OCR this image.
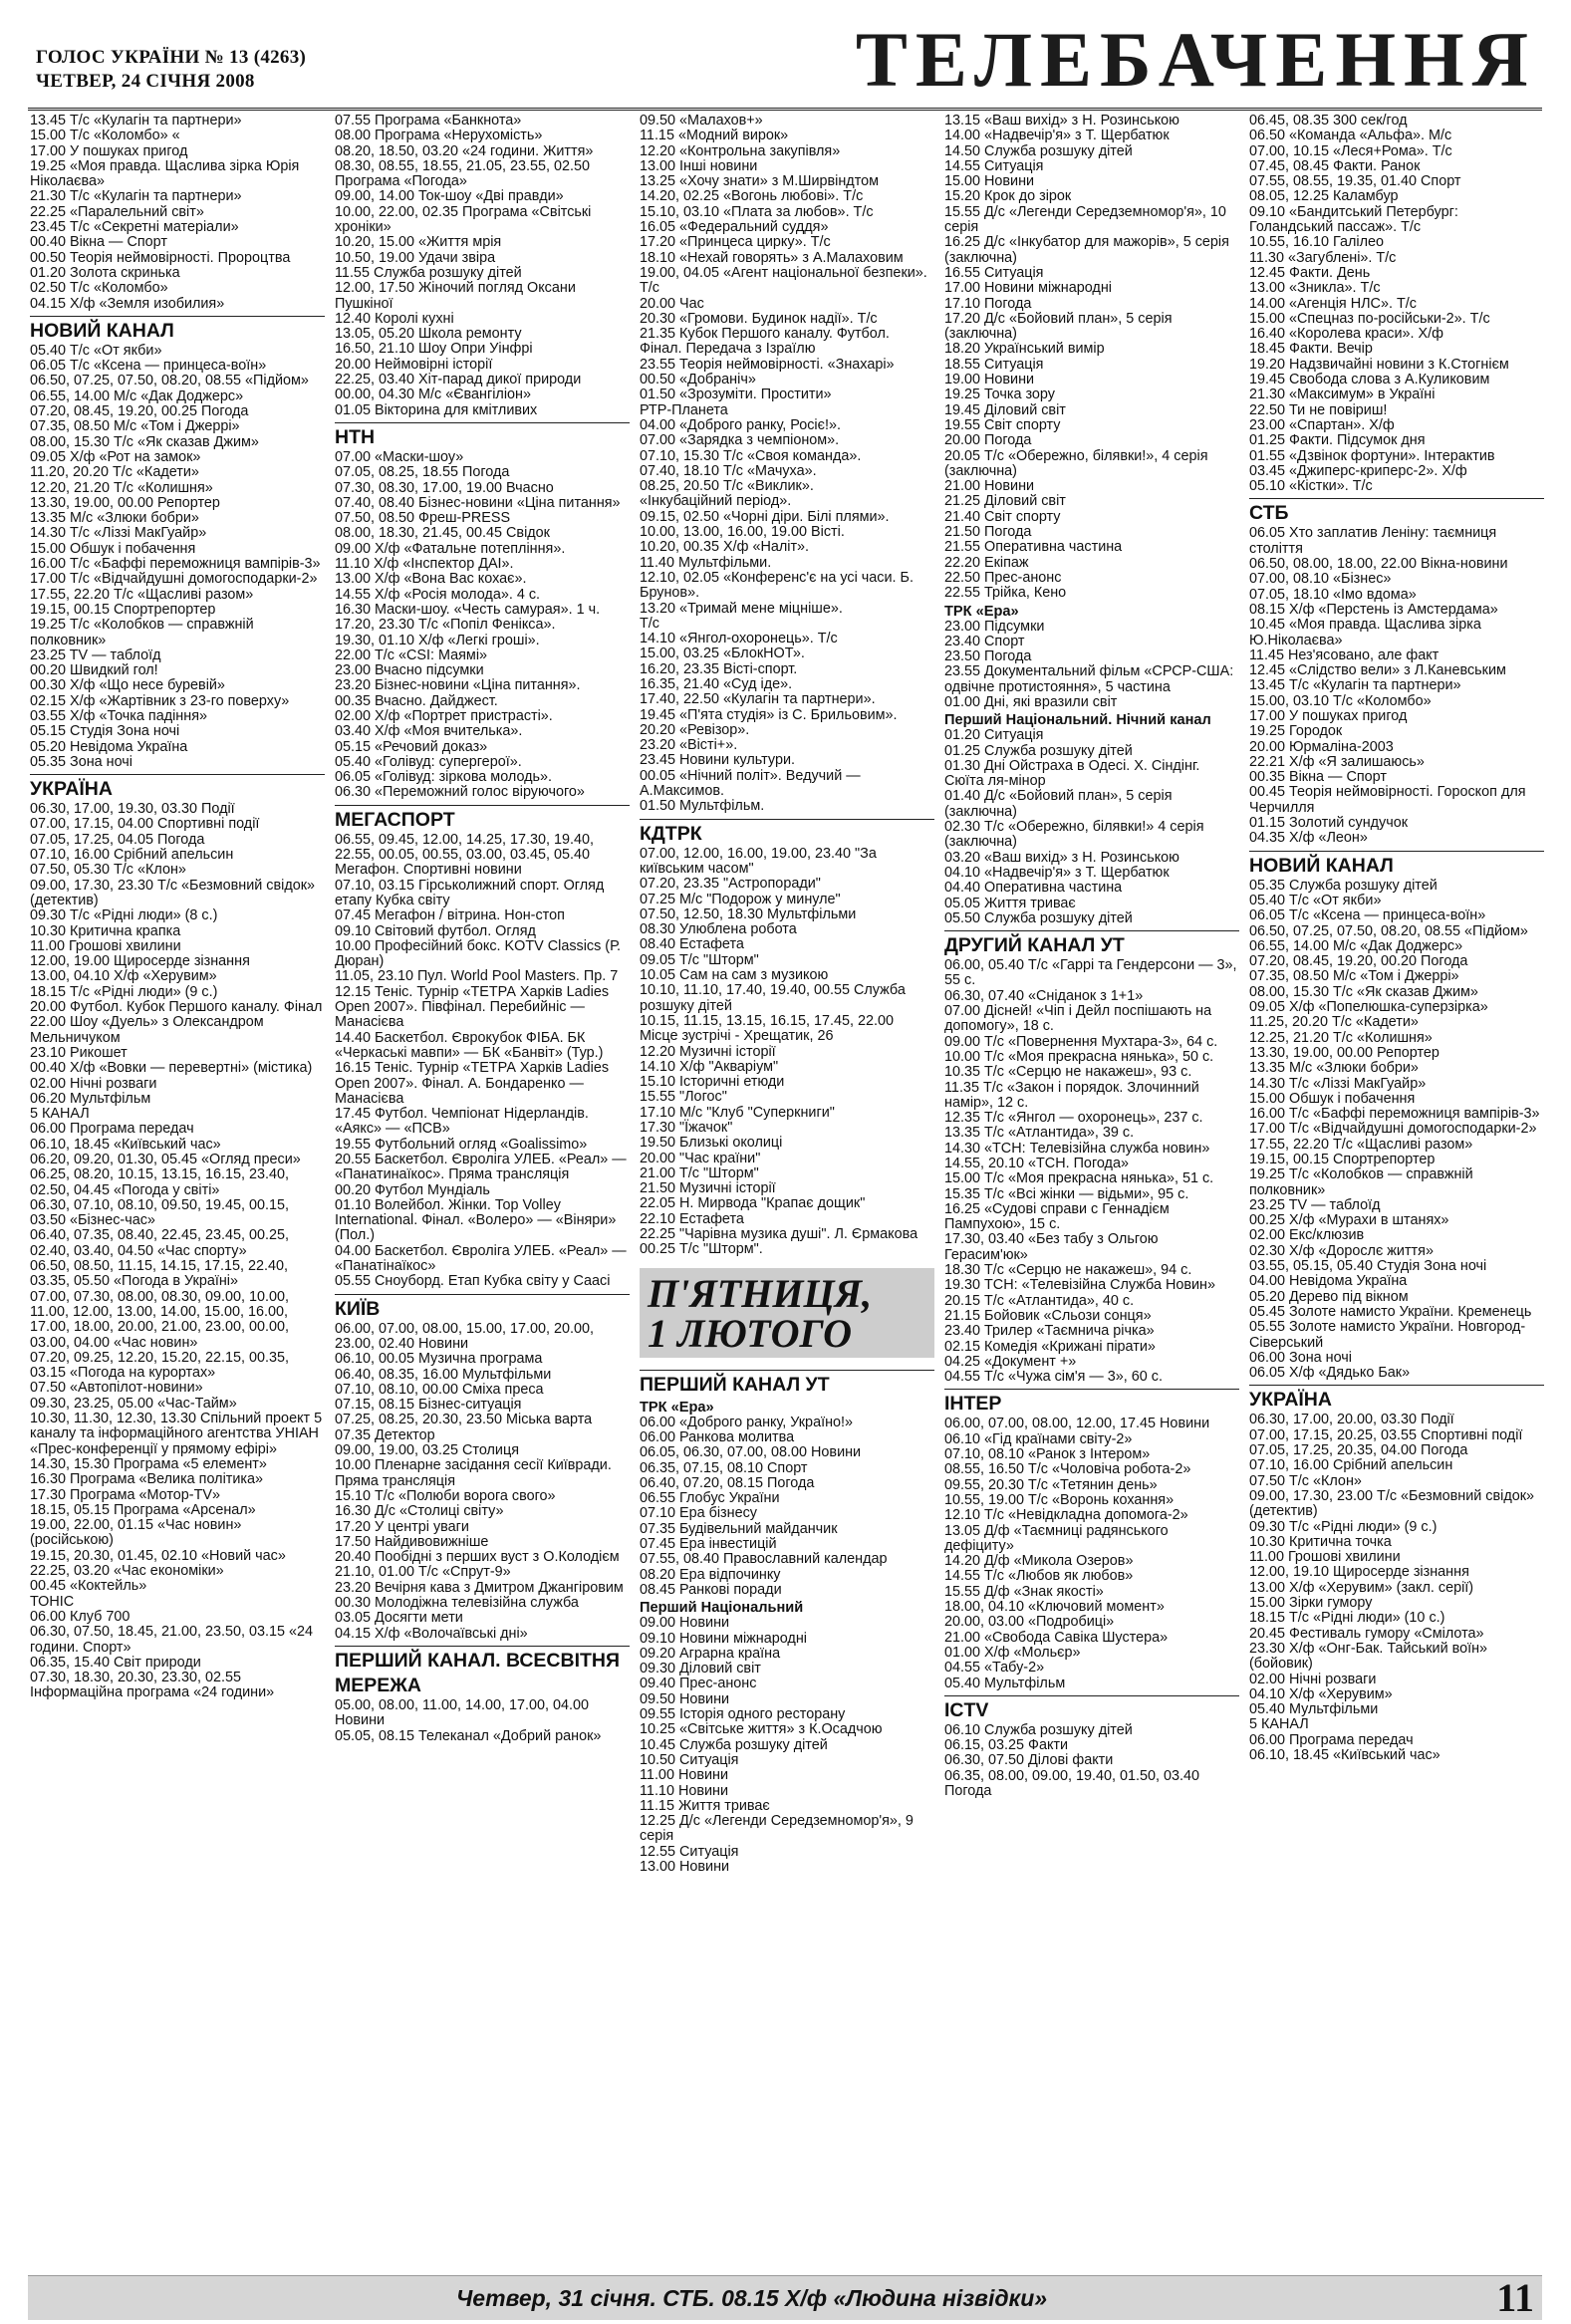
ГОЛОС УКРАЇНИ № 13 (4263)
ЧЕТВЕР, 24 СІЧНЯ 2008	ТЕЛЕБАЧЕННЯ
13.45 Т/с «Кулагін та партнери»
15.00 Т/с «Коломбо» «
17.00 У пошуках пригод
19.25 «Моя правда. Щаслива зірка Юрія Ніколаєва»
21.30 Т/с «Кулагін та партнери»
22.25 «Паралельний світ»
23.45 Т/с «Секретні матеріали»
00.40 Вікна — Спорт
00.50 Теорія неймовірності. Пророцтва
01.20 Золота скринька
02.50 Т/с «Коломбо»
04.15 Х/ф «Земля изобилия»
НОВИЙ КАНАЛ
05.40 Т/с «От якби»
06.05 Т/с «Ксена — принцеса-воїн»
06.50, 07.25, 07.50, 08.20, 08.55 «Підйом»
06.55, 14.00 М/с «Дак Доджерс»
07.20, 08.45, 19.20, 00.25 Погода
07.35, 08.50 М/с «Том і Джеррі»
08.00, 15.30 Т/с «Як сказав Джим»
09.05 Х/ф «Рот на замок»
11.20, 20.20 Т/с «Кадети»
12.20, 21.20 Т/с «Колишня»
13.30, 19.00, 00.00 Репортер
13.35 М/с «Злюки бобри»
14.30 Т/с «Ліззі МакГуайр»
15.00 Обшук і побачення
16.00 Т/с «Баффі переможниця вампірів-3»
17.00 Т/с «Відчайдушні домогосподарки-2»
17.55, 22.20 Т/с «Щасливі разом»
19.15, 00.15 Спортрепортер
19.25 Т/с «Колобков — справжній полковник»
23.25 TV — таблоїд
00.20 Швидкий гол!
00.30 Х/ф «Що несе буревій»
02.15 Х/ф «Жартівник з 23-го поверху»
03.55 Х/ф «Точка падіння»
05.15 Студія Зона ночі
05.20 Невідома Україна
05.35 Зона ночі
УКРАЇНА
06.30, 17.00, 19.30, 03.30 Події
07.00, 17.15, 04.00 Спортивні події
07.05, 17.25, 04.05 Погода
07.10, 16.00 Срібний апельсин
07.50, 05.30 Т/с «Клон»
09.00, 17.30, 23.30 Т/с «Безмовний свідок» (детектив)
09.30 Т/с «Рідні люди» (8 с.)
10.30 Критична крапка
11.00 Грошові хвилини
12.00, 19.00 Щиросерде зізнання
13.00, 04.10 Х/ф «Херувим»
18.15 Т/с «Рідні люди» (9 с.)
20.00 Футбол. Кубок Першого каналу. Фінал
22.00 Шоу «Дуель» з Олександром Мельничуком
23.10 Рикошет
00.40 Х/ф «Вовки — перевертні» (містика)
02.00 Нічні розваги
06.20 Мультфільм
5 КАНАЛ
06.00 Програма передач
06.10, 18.45 «Київський час»
06.20, 09.20, 01.30, 05.45 «Огляд преси»
06.25, 08.20, 10.15, 13.15, 16.15, 23.40, 02.50, 04.45 «Погода у світі»
06.30, 07.10, 08.10, 09.50, 19.45, 00.15, 03.50 «Бізнес-час»
06.40, 07.35, 08.40, 22.45, 23.45, 00.25, 02.40, 03.40, 04.50 «Час спорту»
06.50, 08.50, 11.15, 14.15, 17.15, 22.40, 03.35, 05.50 «Погода в Україні»
07.00, 07.30, 08.00, 08.30, 09.00, 10.00, 11.00, 12.00, 13.00, 14.00, 15.00, 16.00, 17.00, 18.00, 20.00, 21.00, 23.00, 00.00, 03.00, 04.00 «Час новин»
07.20, 09.25, 12.20, 15.20, 22.15, 00.35, 03.15 «Погода на курортах»
07.50 «Автопілот-новини»
09.30, 23.25, 05.00 «Час-Тайм»
10.30, 11.30, 12.30, 13.30 Спільний проект 5 каналу та інформаційного агентства УНІАН «Прес-конференції у прямому ефірі»
14.30, 15.30 Програма «5 елемент»
16.30 Програма «Велика політика»
17.30 Програма «Мотор-TV»
18.15, 05.15 Програма «Арсенал»
19.00, 22.00, 01.15 «Час новин» (російською)
19.15, 20.30, 01.45, 02.10 «Новий час»
22.25, 03.20 «Час економіки»
00.45 «Коктейль»
ТОНІС
06.00 Клуб 700
06.30, 07.50, 18.45, 21.00, 23.50, 03.15 «24 години. Спорт»
06.35, 15.40 Світ природи
07.30, 18.30, 20.30, 23.30, 02.55 Інформаційна програма «24 години»
07.55 Програма «Банкнота»
08.00 Програма «Нерухомість»
08.20, 18.50, 03.20 «24 години. Життя»
08.30, 08.55, 18.55, 21.05, 23.55, 02.50 Програма «Погода»
09.00, 14.00 Ток-шоу «Дві правди»
10.00, 22.00, 02.35 Програма «Світські хроніки»
10.20, 15.00 «Життя мрія
10.50, 19.00 Удачи звіра
11.55 Служба розшуку дітей
12.00, 17.50 Жіночий погляд Оксани Пушкіної
12.40 Королі кухні
13.05, 05.20 Школа ремонту
16.50, 21.10 Шоу Опри Уінфрі
20.00 Неймовірні історії
22.25, 03.40 Хіт-парад дикої природи
00.00, 04.30 М/с «Євангіліон»
01.05 Вікторина для кмітливих
НТН
07.00 «Маски-шоу»
07.05, 08.25, 18.55 Погода
07.30, 08.30, 17.00, 19.00 Вчасно
07.40, 08.40 Бізнес-новини «Ціна питання»
07.50, 08.50 Фреш-PRESS
08.00, 18.30, 21.45, 00.45 Свідок
09.00 Х/ф «Фатальне потепління».
11.10 Х/ф «Інспектор ДАІ».
13.00 Х/ф «Вона Вас кохає».
14.55 Х/ф «Росія молода». 4 с.
16.30 Маски-шоу. «Честь самурая». 1 ч.
17.20, 23.30 Т/с «Попіл Фенікса».
19.30, 01.10 Х/ф «Легкі гроші».
22.00 Т/с «CSI: Маямі»
23.00 Вчасно підсумки
23.20 Бізнес-новини «Ціна питання».
00.35 Вчасно. Дайджест.
02.00 Х/ф «Портрет пристрасті».
03.40 Х/ф «Моя вчителька».
05.15 «Речовий доказ»
05.40 «Голівуд: супергерої».
06.05 «Голівуд: зіркова молодь».
06.30 «Переможний голос віруючого»
МЕГАСПОРТ
06.55, 09.45, 12.00, 14.25, 17.30, 19.40, 22.55, 00.05, 00.55, 03.00, 03.45, 05.40 Мегафон. Спортивні новини
07.10, 03.15 Гірськолижний спорт. Огляд етапу Кубка світу
07.45 Мегафон / вітрина. Нон-стоп
09.10 Світовий футбол. Огляд
10.00 Професійний бокс. KOTV Classics (Р. Дюран)
11.05, 23.10 Пул. World Pool Masters. Пр. 7
12.15 Теніс. Турнір «ТЕТРА Харків Ladies Open 2007». Півфінал. Перебийніс — Манасієва
14.40 Баскетбол. Єврокубок ФІБА. БК «Черкаські мавпи» — БК «Банвіт» (Тур.)
16.15 Теніс. Турнір «ТЕТРА Харків Ladies Open 2007». Фінал. А. Бондаренко — Манасієва
17.45 Футбол. Чемпіонат Нідерландів. «Аякс» — «ПСВ»
19.55 Футбольний огляд «Goalissimo»
20.55 Баскетбол. Євроліга УЛЕБ. «Реал» — «Панатинаїкос». Пряма трансляція
00.20 Футбол Мундіаль
01.10 Волейбол. Жінки. Тор Volley International. Фінал. «Волеро» — «Віняри» (Пол.)
04.00 Баскетбол. Євроліга УЛЕБ. «Реал» — «Панатінаїкос»
05.55 Сноуборд. Етап Кубка світу у Саасі
КИЇВ
06.00, 07.00, 08.00, 15.00, 17.00, 20.00, 23.00, 02.40 Новини
06.10, 00.05 Музична програма
06.40, 08.35, 16.00 Мультфільми
07.10, 08.10, 00.00 Сміха преса
07.15, 08.15 Бізнес-ситуація
07.25, 08.25, 20.30, 23.50 Міська варта
07.35 Детектор
09.00, 19.00, 03.25 Столиця
10.00 Пленарне засідання сесії Київради. Пряма трансляція
15.10 Т/с «Полюби ворога свого»
16.30 Д/с «Столиці світу»
17.20 У центрі уваги
17.50 Найдивовижніше
20.40 Пообідні з перших вуст з О.Колодієм
21.10, 01.00 Т/с «Спрут-9»
23.20 Вечірня кава з Дмитром Джангіровим
00.30 Молодіжна телевізійна служба
03.05 Досягти мети
04.15 Х/ф «Волочаївські дні»
ПЕРШИЙ КАНАЛ. ВСЕСВІТНЯ МЕРЕЖА
05.00, 08.00, 11.00, 14.00, 17.00, 04.00 Новини
05.05, 08.15 Телеканал «Добрий ранок»
09.50 «Малахов+»
11.15 «Модний вирок»
12.20 «Контрольна закупівля»
13.00 Інші новини
13.25 «Хочу знати» з М.Ширвіндтом
14.20, 02.25 «Вогонь любові». Т/с
15.10, 03.10 «Плата за любов». Т/с
16.05 «Федеральний суддя»
17.20 «Принцеса цирку». Т/с
18.10 «Нехай говорять» з А.Малаховим
19.00, 04.05 «Агент національної безпеки». Т/с
20.00 Час
20.30 «Громови. Будинок надії». Т/с
21.35 Кубок Першого каналу. Футбол. Фінал. Передача з Ізраїлю
23.55 Теорія неймовірності. «Знахарі»
00.50 «Добраніч»
01.50 «Зрозуміти. Простити»
РТР-Планета
04.00 «Доброго ранку, Росіє!».
07.00 «Зарядка з чемпіоном».
07.10, 15.30 Т/с «Своя команда».
07.40, 18.10 Т/с «Мачуха».
08.25, 20.50 Т/с «Виклик».
«Інкубаційний період».
09.15, 02.50 «Чорні діри. Білі плями».
10.00, 13.00, 16.00, 19.00 Вісті.
10.20, 00.35 Х/ф «Наліт».
11.40 Мультфільми.
12.10, 02.05 «Конференс'є на усі часи. Б. Брунов».
13.20 «Тримай мене міцніше».
Т/с
14.10 «Янгол-охоронець». Т/с
15.00, 03.25 «БлокНОТ».
16.20, 23.35 Вісті-спорт.
16.35, 21.40 «Суд іде».
17.40, 22.50 «Кулагін та партнери».
19.45 «П'ята студія» із С. Брильовим».
20.20 «Ревізор».
23.20 «Вісті+».
23.45 Новини культури.
00.05 «Нічний політ». Ведучий — А.Максимов.
01.50 Мультфільм.
КДТРК
07.00, 12.00, 16.00, 19.00, 23.40 "За київським часом"
07.20, 23.35 "Астропоради"
07.25 М/с "Подорож у минуле"
07.50, 12.50, 18.30 Мультфільми
08.30 Улюблена робота
08.40 Естафета
09.05 Т/с "Шторм"
10.05 Сам на сам з музикою
10.10, 11.10, 17.40, 19.40, 00.55 Служба розшуку дітей
10.15, 11.15, 13.15, 16.15, 17.45, 22.00 Місце зустрічі - Хрещатик, 26
12.20 Музичні історії
14.10 Х/ф "Акваріум"
15.10 Історичні етюди
15.55 "Логос"
17.10 М/с "Клуб "Суперкниги"
17.30 "Їжачок"
19.50 Близькі околиці
20.00 "Час країни"
21.00 Т/с "Шторм"
21.50 Музичні історії
22.05 Н. Мирвода "Крапає дощик"
22.10 Естафета
22.25 "Чарівна музика душі". Л. Єрмакова
00.25 Т/с "Шторм".
П'ЯТНИЦЯ,
1 ЛЮТОГО
ПЕРШИЙ КАНАЛ УТ
ТРК «Ера»
06.00 «Доброго ранку, Україно!»
06.00 Ранкова молитва
06.05, 06.30, 07.00, 08.00 Новини
06.35, 07.15, 08.10 Спорт
06.40, 07.20, 08.15 Погода
06.55 Глобус України
07.10 Ера бізнесу
07.35 Будівельний майданчик
07.45 Ера інвестицій
07.55, 08.40 Православний календар
08.20 Ера відпочинку
08.45 Ранкові поради
Перший Національний
09.00 Новини
09.10 Новини міжнародні
09.20 Аграрна країна
09.30 Діловий світ
09.40 Прес-анонс
09.50 Новини
09.55 Історія одного ресторану
10.25 «Світське життя» з К.Осадчою
10.45 Служба розшуку дітей
10.50 Ситуація
11.00 Новини
11.10 Новини
11.15 Життя триває
12.25 Д/с «Легенди Середземномор'я», 9 серія
12.55 Ситуація
13.00 Новини
13.15 «Ваш вихід» з Н. Розинською
14.00 «Надвечір'я» з Т. Щербатюк
14.50 Служба розшуку дітей
14.55 Ситуація
15.00 Новини
15.20 Крок до зірок
15.55 Д/с «Легенди Середземномор'я», 10 серія
16.25 Д/с «Інкубатор для мажорів», 5 серія (заключна)
16.55 Ситуація
17.00 Новини міжнародні
17.10 Погода
17.20 Д/с «Бойовий план», 5 серія (заключна)
18.20 Український вимір
18.55 Ситуація
19.00 Новини
19.25 Точка зору
19.45 Діловий світ
19.55 Світ спорту
20.00 Погода
20.05 Т/с «Обережно, білявки!», 4 серія (заключна)
21.00 Новини
21.25 Діловий світ
21.40 Світ спорту
21.50 Погода
21.55 Оперативна частина
22.20 Екіпаж
22.50 Прес-анонс
22.55 Трійка, Кено
ТРК «Ера»
23.00 Підсумки
23.40 Спорт
23.50 Погода
23.55 Документальний фільм «СРСР-США: одвічне протистояння», 5 частина
01.00 Дні, які вразили світ
Перший Національний. Нічний канал
01.20 Ситуація
01.25 Служба розшуку дітей
01.30 Дні Ойстраха в Одесі. Х. Сіндінг. Сюїта ля-мінор
01.40 Д/с «Бойовий план», 5 серія (заключна)
02.30 Т/с «Обережно, білявки!» 4 серія (заключна)
03.20 «Ваш вихід» з Н. Розинською
04.10 «Надвечір'я» з Т. Щербатюк
04.40 Оперативна частина
05.05 Життя триває
05.50 Служба розшуку дітей
ДРУГИЙ КАНАЛ УТ
06.00, 05.40 Т/с «Гаррі та Гендерсони — 3», 55 с.
06.30, 07.40 «Сніданок з 1+1»
07.00 Дісней! «Чіп і Дейл поспішають на допомогу», 18 с.
09.00 Т/с «Повернення Мухтара-3», 64 с.
10.00 Т/с «Моя прекрасна нянька», 50 с.
10.35 Т/с «Серцю не накажеш», 93 с.
11.35 Т/с «Закон і порядок. Злочинний намір», 12 с.
12.35 Т/с «Янгол — охоронець», 237 с.
13.35 Т/с «Атлантида», 39 с.
14.30 «ТСН: Телевізійна служба новин»
14.55, 20.10 «ТСН. Погода»
15.00 Т/с «Моя прекрасна нянька», 51 с.
15.35 Т/с «Всі жінки — відьми», 95 с.
16.25 «Судові справи с Геннадієм Пампухою», 15 с.
17.30, 03.40 «Без табу з Ольгою Герасим'юк»
18.30 Т/с «Серцю не накажеш», 94 с.
19.30 ТСН: «Телевізійна Служба Новин»
20.15 Т/с «Атлантида», 40 с.
21.15 Бойовик «Сльози сонця»
23.40 Трилер «Таємнича річка»
02.15 Комедія «Крижані пірати»
04.25 «Документ +»
04.55 Т/с «Чужа сім'я — 3», 60 с.
ІНТЕР
06.00, 07.00, 08.00, 12.00, 17.45 Новини
06.10 «Гід країнами світу-2»
07.10, 08.10 «Ранок з Інтером»
08.55, 16.50 Т/с «Чоловіча робота-2»
09.55, 20.30 Т/с «Тетянин день»
10.55, 19.00 Т/с «Воронь кохання»
12.10 Т/с «Невідкладна допомога-2»
13.05 Д/ф «Таємниці радянського дефіциту»
14.20 Д/ф «Микола Озеров»
14.55 Т/с «Любов як любов»
15.55 Д/ф «Знак якості»
18.00, 04.10 «Ключовий момент»
20.00, 03.00 «Подробиці»
21.00 «Свобода Савіка Шустера»
01.00 Х/ф «Мольєр»
04.55 «Табу-2»
05.40 Мультфільм
ICTV
06.10 Служба розшуку дітей
06.15, 03.25 Факти
06.30, 07.50 Ділові факти
06.35, 08.00, 09.00, 19.40, 01.50, 03.40 Погода
06.45, 08.35 300 сек/год
06.50 «Команда «Альфа». М/с
07.00, 10.15 «Леся+Рома». Т/с
07.45, 08.45 Факти. Ранок
07.55, 08.55, 19.35, 01.40 Спорт
08.05, 12.25 Каламбур
09.10 «Бандитський Петербург: Голандський пассаж». Т/с
10.55, 16.10 Галілео
11.30 «Загублені». Т/с
12.45 Факти. День
13.00 «Зникла». Т/с
14.00 «Агенція НЛС». Т/с
15.00 «Спецназ по-російськи-2». Т/с
16.40 «Королева краси». Х/ф
18.45 Факти. Вечір
19.20 Надзвичайні новини з К.Стогнієм
19.45 Свобода слова з А.Куликовим
21.30 «Максимум» в Україні
22.50 Ти не повіриш!
23.00 «Спартан». Х/ф
01.25 Факти. Підсумок дня
01.55 «Дзвінок фортуни». Інтерактив
03.45 «Джиперс-криперс-2». Х/ф
05.10 «Кістки». Т/с
СТБ
06.05 Хто заплатив Леніну: таємниця століття
06.50, 08.00, 18.00, 22.00 Вікна-новини
07.00, 08.10 «Бізнес»
07.05, 18.10 «Імо вдома»
08.15 Х/ф «Перстень із Амстердама»
10.45 «Моя правда. Щаслива зірка Ю.Ніколаєва»
11.45 Нез'ясовано, але факт
12.45 «Слідство вели» з Л.Каневським
13.45 Т/с «Кулагін та партнери»
15.00, 03.10 Т/с «Коломбо»
17.00 У пошуках пригод
19.25 Городок
20.00 Юрмаліна-2003
22.21 Х/ф «Я залишаюсь»
00.35 Вікна — Спорт
00.45 Теорія неймовірності. Гороскоп для Черчилля
01.15 Золотий сундучок
04.35 Х/ф «Леон»
НОВИЙ КАНАЛ
05.35 Служба розшуку дітей
05.40 Т/с «От якби»
06.05 Т/с «Ксена — принцеса-воїн»
06.50, 07.25, 07.50, 08.20, 08.55 «Підйом»
06.55, 14.00 М/с «Дак Доджерс»
07.20, 08.45, 19.20, 00.20 Погода
07.35, 08.50 М/с «Том і Джеррі»
08.00, 15.30 Т/с «Як сказав Джим»
09.05 Х/ф «Попелюшка-суперзірка»
11.25, 20.20 Т/с «Кадети»
12.25, 21.20 Т/с «Колишня»
13.30, 19.00, 00.00 Репортер
13.35 М/с «Злюки бобри»
14.30 Т/с «Ліззі МакГуайр»
15.00 Обшук і побачення
16.00 Т/с «Баффі переможниця вампірів-3»
17.00 Т/с «Відчайдушні домогосподарки-2»
17.55, 22.20 Т/с «Щасливі разом»
19.15, 00.15 Спортрепортер
19.25 Т/с «Колобков — справжній полковник»
23.25 TV — таблоїд
00.25 Х/ф «Мурахи в штанях»
02.00 Екс/клюзив
02.30 Х/ф «Дорослє життя»
03.55, 05.15, 05.40 Студія Зона ночі
04.00 Невідома Україна
05.20 Дерево під вікном
05.45 Золоте намисто України. Кременець
05.55 Золоте намисто України. Новгород-Сіверський
06.00 Зона ночі
06.05 Х/ф «Дядько Бак»
УКРАЇНА
06.30, 17.00, 20.00, 03.30 Події
07.00, 17.15, 20.25, 03.55 Спортивні події
07.05, 17.25, 20.35, 04.00 Погода
07.10, 16.00 Срібний апельсин
07.50 Т/с «Клон»
09.00, 17.30, 23.00 Т/с «Безмовний свідок» (детектив)
09.30 Т/с «Рідні люди» (9 с.)
10.30 Критична точка
11.00 Грошові хвилини
12.00, 19.10 Щиросерде зізнання
13.00 Х/ф «Херувим» (закл. серії)
15.00 Зірки гумору
18.15 Т/с «Рідні люди» (10 с.)
20.45 Фестиваль гумору «Смілота»
23.30 Х/ф «Онг-Бак. Тайський воїн» (бойовик)
02.00 Нічні розваги
04.10 Х/ф «Херувим»
05.40 Мультфільми
5 КАНАЛ
06.00 Програма передач
06.10, 18.45 «Київський час»
Четвер, 31 січня. СТБ. 08.15 Х/ф «Людина нізвідки»	11
